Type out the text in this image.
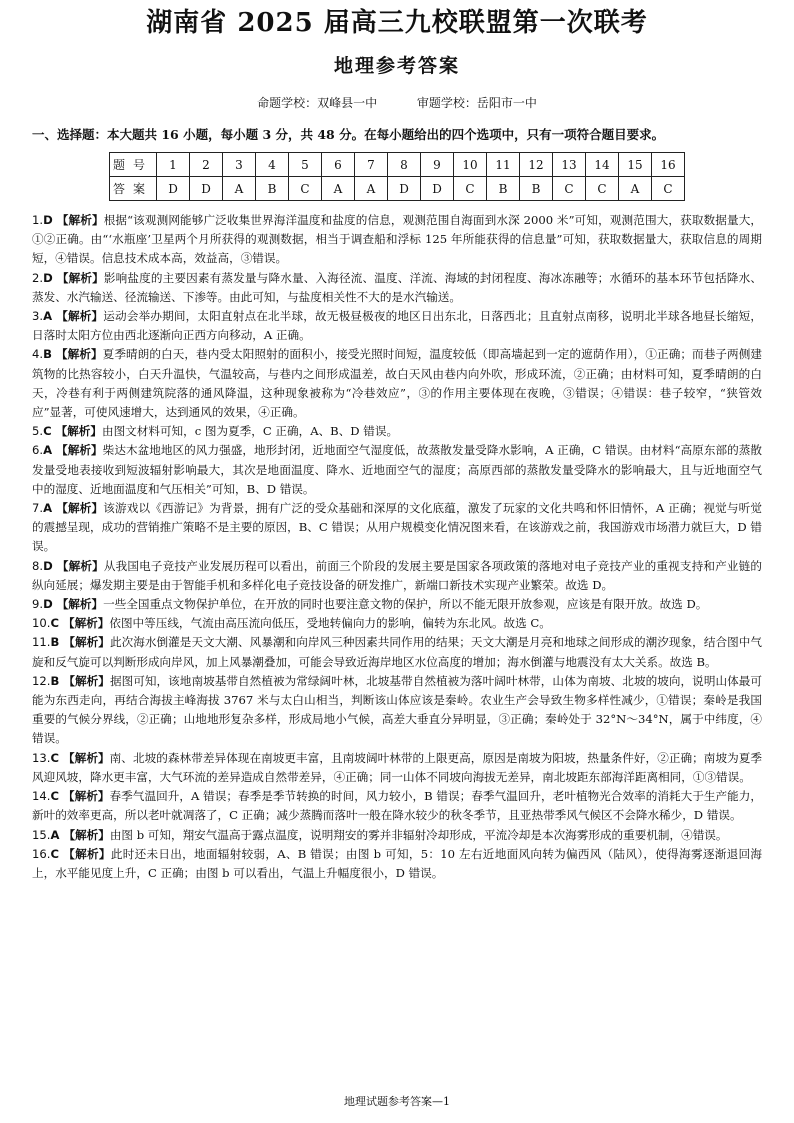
湖南省 2025 届高三九校联盟第一次联考
地理参考答案
命题学校：双峰县一中	审题学校：岳阳市一中
一、选择题：本大题共 16 小题，每小题 3 分，共 48 分。在每小题给出的四个选项中，只有一项符合题目要求。
题号	1	2	3	4	5	6	7	8	9	10	11	12	13	14	15	16
答案	D	D	A	B	C	A	A	D	D	C	B	B	C	C	A	C

1.D 【解析】根据“该观测网能够广泛收集世界海洋温度和盐度的信息，观测范围自海面到水深 2000 米”可知，观测范围大，获取数据量大，①②正确。由“‘水瓶座’卫星两个月所获得的观测数据，相当于调查船和浮标 125 年所能获得的信息量”可知，获取数据量大，获取信息的周期短，④错误。信息技术成本高，效益高，③错误。

2.D 【解析】影响盐度的主要因素有蒸发量与降水量、入海径流、温度、洋流、海域的封闭程度、海冰冻融等；水循环的基本环节包括降水、蒸发、水汽输送、径流输送、下渗等。由此可知，与盐度相关性不大的是水汽输送。

3.A 【解析】运动会举办期间，太阳直射点在北半球，故无极昼极夜的地区日出东北，日落西北；且直射点南移，说明北半球各地昼长缩短，日落时太阳方位由西北逐渐向正西方向移动，A 正确。

4.B 【解析】夏季晴朗的白天，巷内受太阳照射的面积小，接受光照时间短，温度较低（即高墙起到一定的遮荫作用），①正确；而巷子两侧建筑物的比热容较小，白天升温快，气温较高，与巷内之间形成温差，故白天风由巷内向外吹，形成环流，②正确；由材料可知，夏季晴朗的白天，冷巷有利于两侧建筑院落的通风降温，这种现象被称为“冷巷效应”，③的作用主要体现在夜晚，③错误；④错误：巷子较窄，“狭管效应”显著，可使风速增大，达到通风的效果，④正确。

5.C 【解析】由图文材料可知，c 图为夏季，C 正确，A、B、D 错误。

6.A 【解析】柴达木盆地地区的风力强盛，地形封闭，近地面空气湿度低，故蒸散发量受降水影响，A 正确，C 错误。由材料“高原东部的蒸散发量受地表接收到短波辐射影响最大，其次是地面温度、降水、近地面空气的湿度；高原西部的蒸散发量受降水的影响最大，且与近地面空气中的湿度、近地面温度和气压相关”可知，B、D 错误。

7.A 【解析】该游戏以《西游记》为背景，拥有广泛的受众基础和深厚的文化底蕴，激发了玩家的文化共鸣和怀旧情怀，A 正确；视觉与听觉的震撼呈现，成功的营销推广策略不是主要的原因，B、C 错误；从用户规模变化情况图来看，在该游戏之前，我国游戏市场潜力就巨大，D 错误。

8.D 【解析】从我国电子竞技产业发展历程可以看出，前面三个阶段的发展主要是国家各项政策的落地对电子竞技产业的重视支持和产业链的纵向延展；爆发期主要是由于智能手机和多样化电子竞技设备的研发推广，新端口新技术实现产业繁荣。故选 D。

9.D 【解析】一些全国重点文物保护单位，在开放的同时也要注意文物的保护，所以不能无限开放参观，应该是有限开放。故选 D。

10.C 【解析】依图中等压线，气流由高压流向低压，受地转偏向力的影响，偏转为东北风。故选 C。

11.B 【解析】此次海水倒灌是天文大潮、风暴潮和向岸风三种因素共同作用的结果；天文大潮是月亮和地球之间形成的潮汐现象，结合图中气旋和反气旋可以判断形成向岸风，加上风暴潮叠加，可能会导致近海岸地区水位高度的增加；海水倒灌与地震没有太大关系。故选 B。

12.B 【解析】据图可知，该地南坡基带自然植被为常绿阔叶林，北坡基带自然植被为落叶阔叶林带，山体为南坡、北坡的坡向，说明山体最可能为东西走向，再结合海拔主峰海拔 3767 米与太白山相当，判断该山体应该是秦岭。农业生产会导致生物多样性减少，①错误；秦岭是我国重要的气候分界线，②正确；山地地形复杂多样，形成局地小气候，高差大垂直分异明显，③正确；秦岭处于 32°N～34°N，属于中纬度，④错误。

13.C 【解析】南、北坡的森林带差异体现在南坡更丰富，且南坡阔叶林带的上限更高，原因是南坡为阳坡，热量条件好，②正确；南坡为夏季风迎风坡，降水更丰富，大气环流的差异造成自然带差异，④正确；同一山体不同坡向海拔无差异，南北坡距东部海洋距离相同，①③错误。

14.C 【解析】春季气温回升，A 错误；春季是季节转换的时间，风力较小，B 错误；春季气温回升，老叶植物光合效率的消耗大于生产能力，新叶的效率更高，所以老叶就凋落了，C 正确；减少蒸腾而落叶一般在降水较少的秋冬季节，且亚热带季风气候区不会降水稀少，D 错误。

15.A 【解析】由图 b 可知，翔安气温高于露点温度，说明翔安的雾并非辐射冷却形成，平流冷却是本次海雾形成的重要机制，④错误。

16.C 【解析】此时还未日出，地面辐射较弱，A、B 错误；由图 b 可知，5：10 左右近地面风向转为偏西风（陆风），使得海雾逐渐退回海上，水平能见度上升，C 正确；由图 b 可以看出，气温上升幅度很小，D 错误。

地理试题参考答案—1
